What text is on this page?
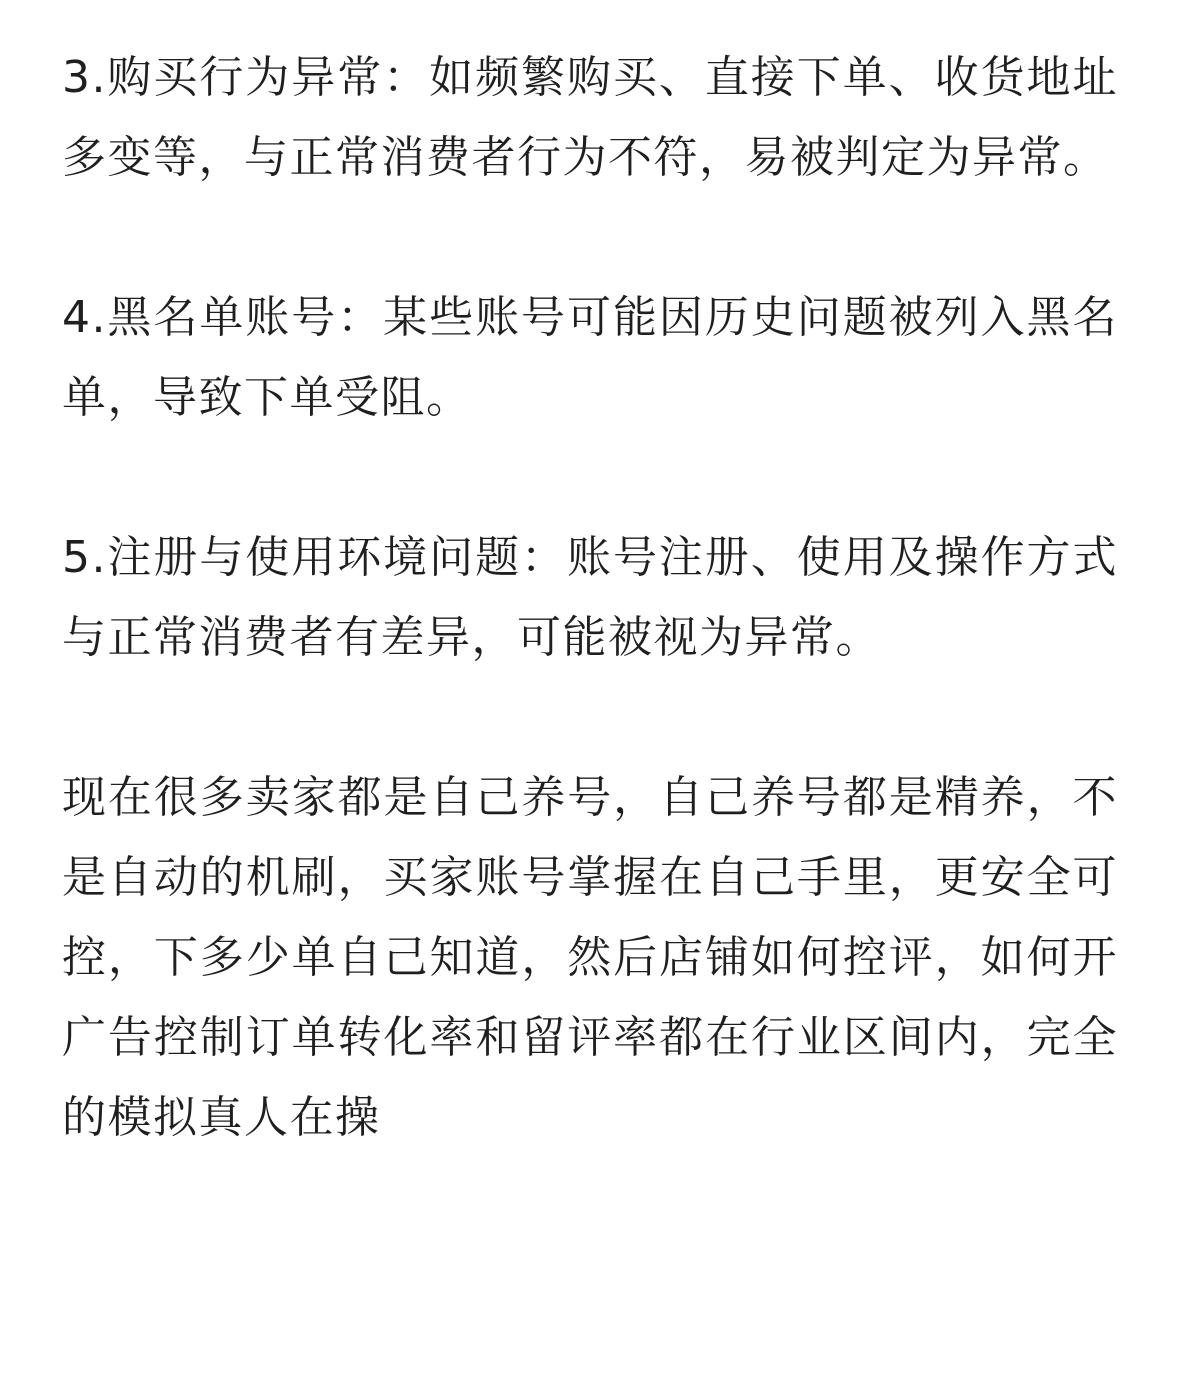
3.购买行为异常：如频繁购买、直接下单、收货地址多变等，与正常消费者行为不符，易被判定为异常。

4.黑名单账号：某些账号可能因历史问题被列入黑名单，导致下单受阻。

5.注册与使用环境问题：账号注册、使用及操作方式与正常消费者有差异，可能被视为异常。

现在很多卖家都是自己养号，自己养号都是精养，不是自动的机刷，买家账号掌握在自己手里，更安全可控，下多少单自己知道，然后店铺如何控评，如何开广告控制订单转化率和留评率都在行业区间内，完全的模拟真人在操
